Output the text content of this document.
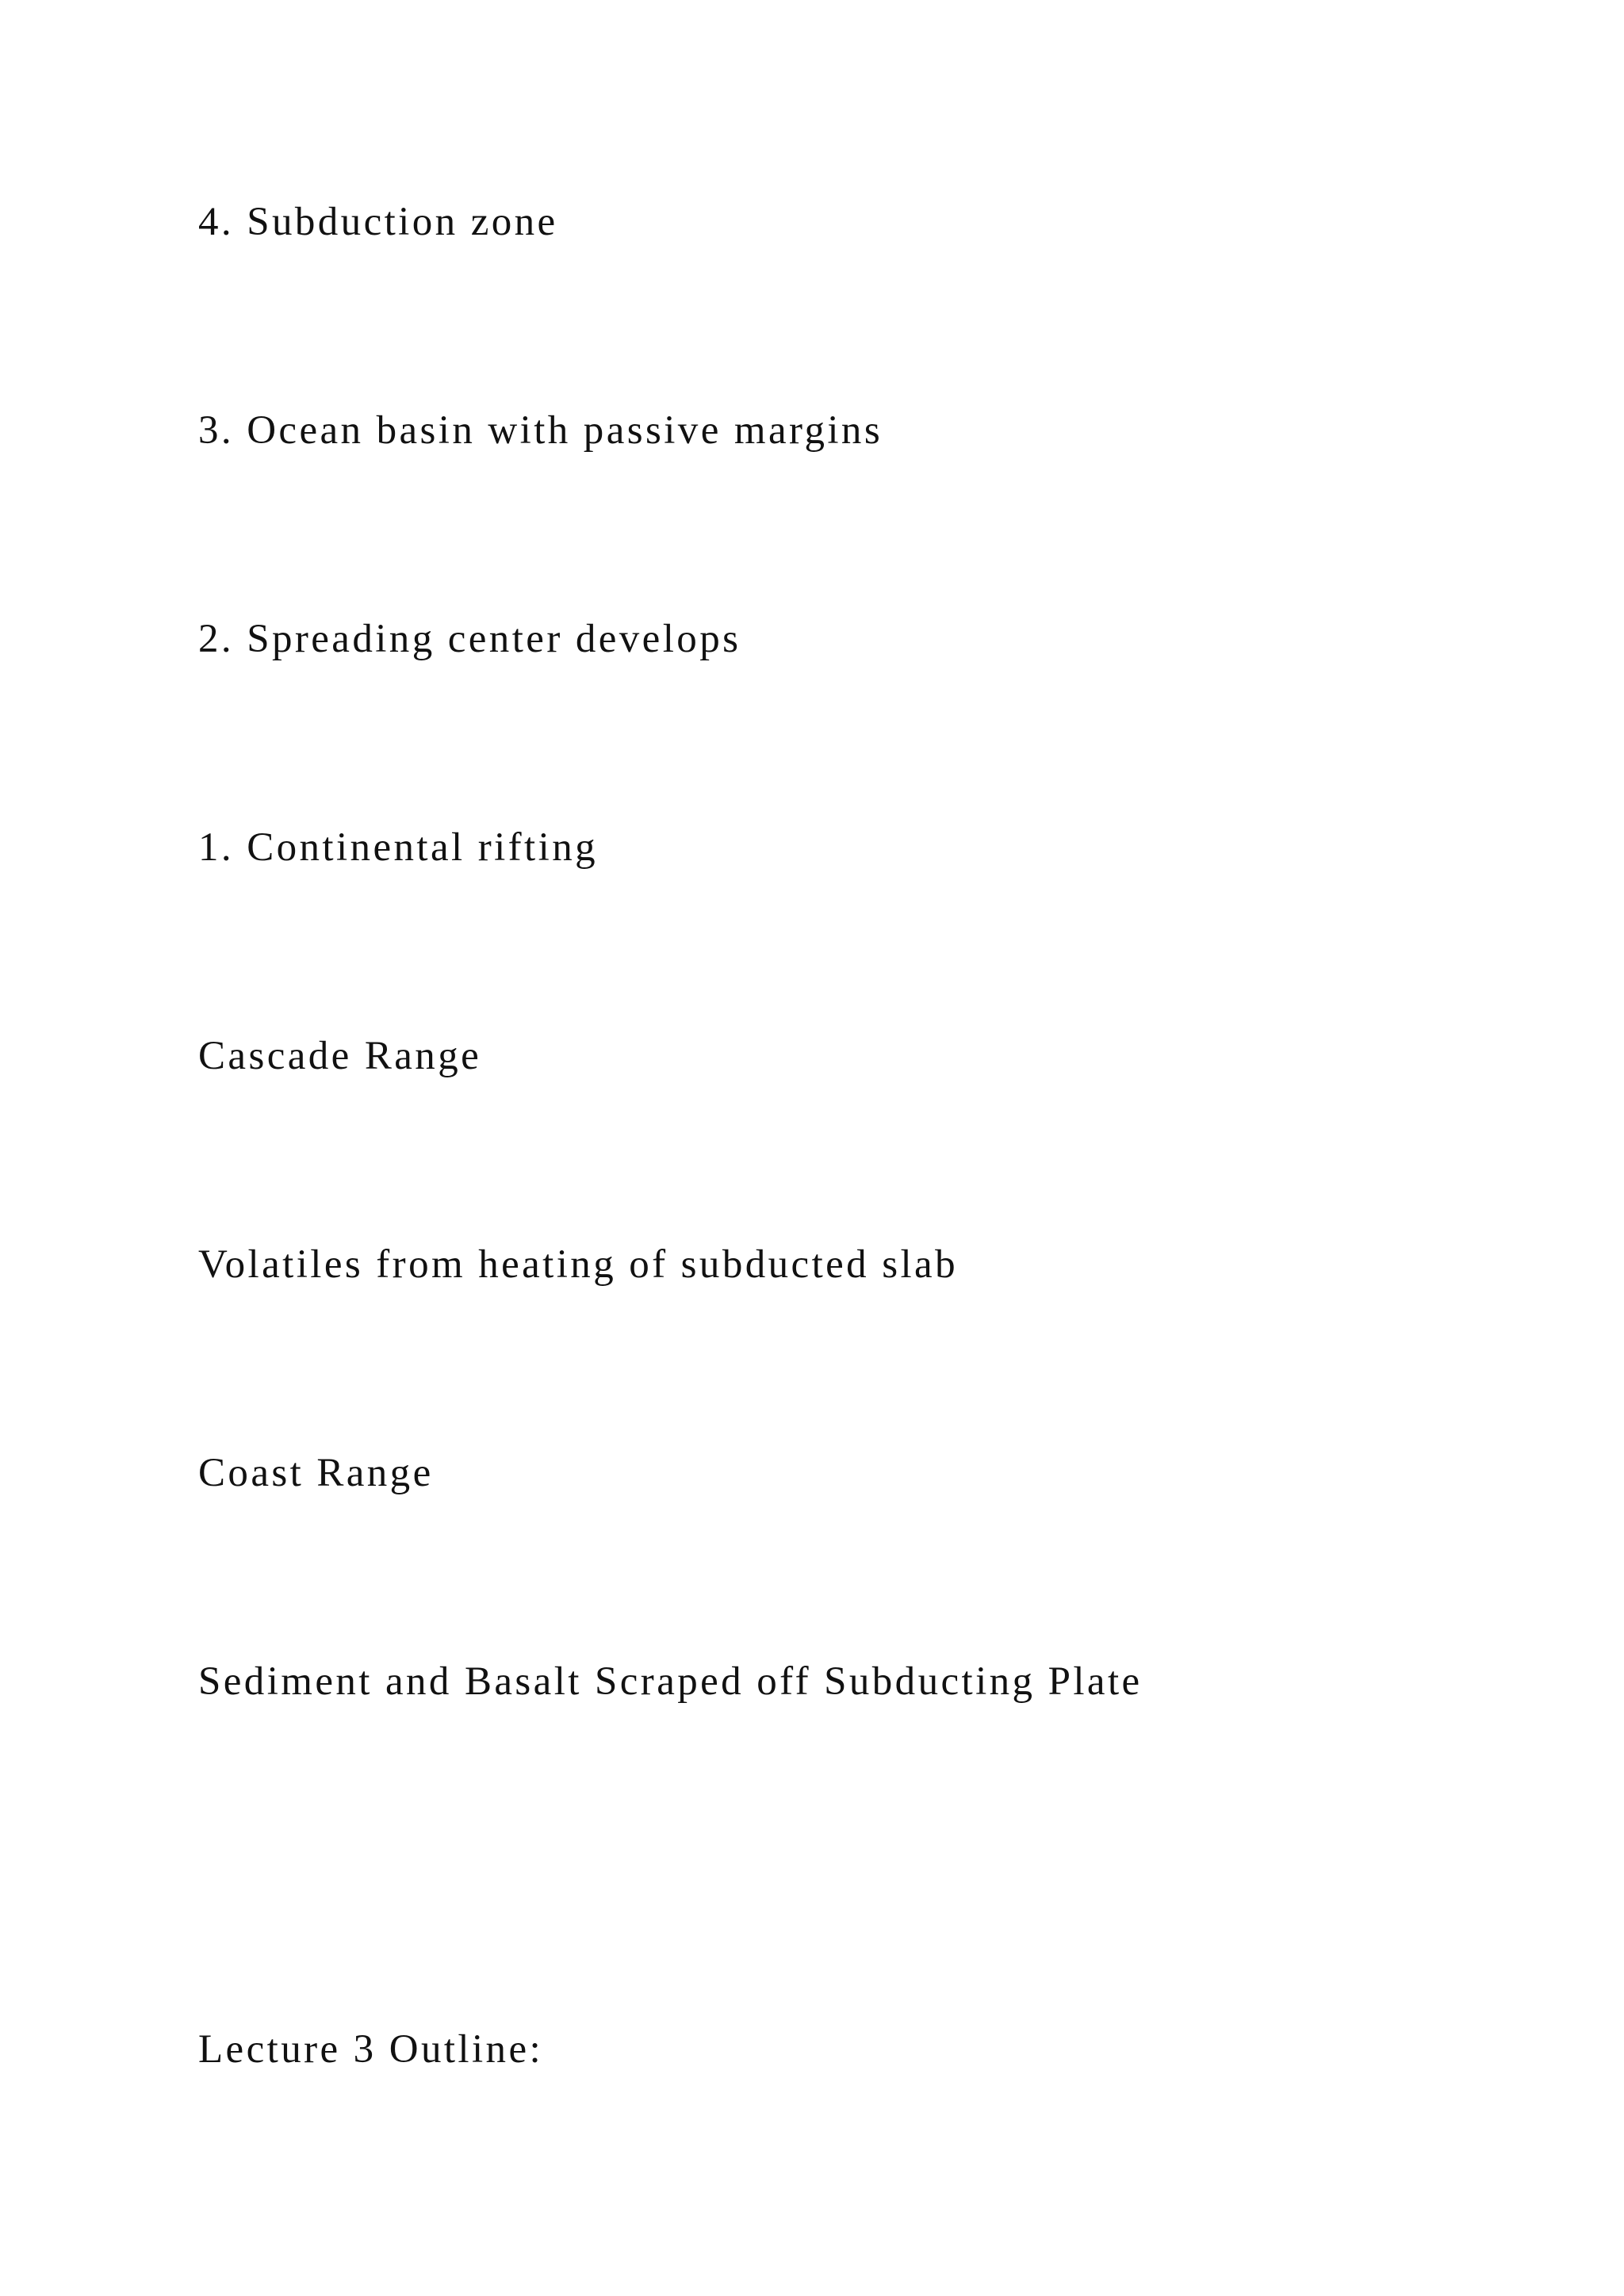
4. Subduction zone

3. Ocean basin with passive margins

2. Spreading center develops

1. Continental rifting

Cascade Range

Volatiles from heating of subducted slab

Coast Range

Sediment and Basalt Scraped off Subducting Plate

Lecture 3 Outline:
